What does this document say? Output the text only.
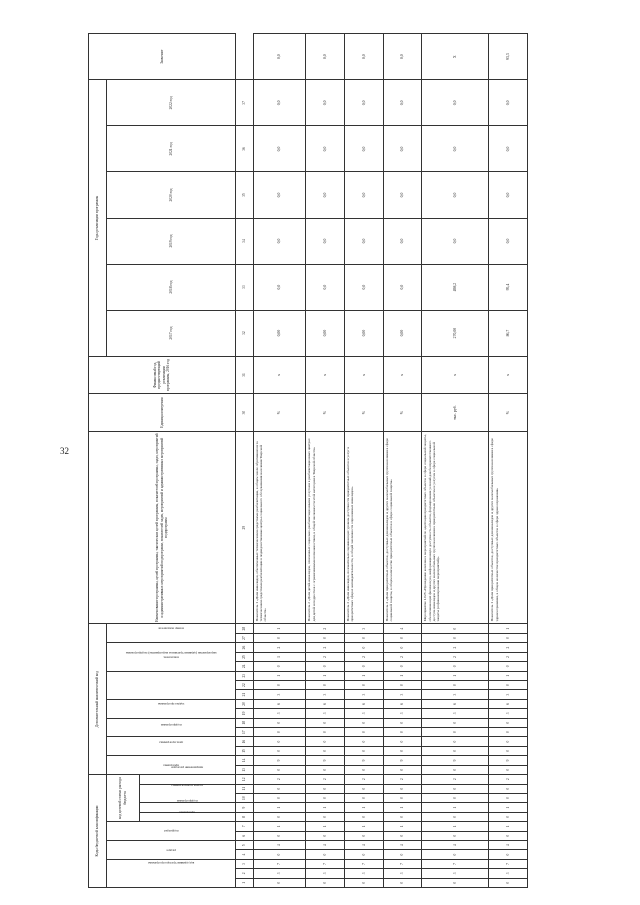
32
Коды бюджетной классификации												Дополнительный аналитический код																Наименование программы, целей программы, тактических целей программы, показателей программы, задач, мероприятий и административных мероприятий подпрограмм, показателей задач, мероприятий и административных мероприятий подпрограмм	Единица измерения	Финансовый год, предшествующий реализации программы, 2016 год	Годы реализации программы						Значение
код администратора программы			раздел		подраздел		код целевой статьи расхода бюджета					программа		цель программы		подпрограмма		задача программы		мероприятие (административное мероприятие) подпрограммы			показатель			номер показателя					2017 год	2018 год	2019 год	2020 год	2021 год	2022 год	
							программа	подпрограмма	задача подпрограммы		направление расходов																										
1	2	3	4	5	6	7	8	9	10	11	12	13	14	15	16	17	18	19	20	21	22	23	24	25	26	27	28	29	30	31	32	33	34	35	36	37	
0	3	7	0	4	0	1	0	1	0	0	2	0	9	0	0	0	0	3	6	3	0	1	0	1	2	0	1	Показатель 1 «Доля инвалидов, обеспеченных техническими средствами реабилитации, в общем числе обратившихся за техническими средствами реабилитации в подведомственные центры социального обслуживания населения Тверской области»	%	x	0,00	0,0	0,0	0,0	0,0	0,0	0,0
0	3	7	0	4	0	1	0	1	0	0	2	0	9	0	0	0	0	3	6	3	0	1	0	2	2	0	2	Показатель 2 «Доля детей-инвалидов, охваченных социально-реабилитационными услугами в реабилитационных центрах для детей и подростков с ограниченными возможностями, в общей численности этой категории в Тверской области»	%	x	0,00	0,0	0,0	0,0	0,0	0,0	0,0
0	3	7	0	4	0	1	0	1	0	0	2	0	9	0	0	0	0	3	6	3	0	1	0	2	0	0	3	Показатель 3 «Доля инвалидов, положительно оценивающих уровень доступности приоритетных объектов и услуг в приоритетных сферах жизнедеятельности, в общей численности опрошенных инвалидов»	%	x	0,00	0,0	0,0	0,0	0,0	0,0	0,0
0	3	7	0	4	0	1	0	1	0	0	2	0	9	0	0	0	0	3	6	3	0	1	0	2	0	0	4	Показатель 4 «Доля приоритетных объектов, доступных для инвалидов и других маломобильных групп населения в сфере социальной защиты, в общем количестве приоритетных объектов в сфере социальной защиты»	%	x	0,00	0,0	0,0	0,0	0,0	0,0	0,0
0	3	7	0	4	0	1	0	1	0	0	2	0	9	0	0	0	0	3	6	3	0	1	0	2	2	0	0	Мероприятие 1.028 «Проведение комплекса мероприятий по адаптации приоритетных объектов в сфере социальной защиты, обеспечивающих физическую, информационную доступность объектов, формирование условий для беспрепятственного доступа инвалидов и других маломобильных групп населения к приоритетным объектам и услугам в сфере социальной защиты (софинансирование мероприятий)»	тыс. руб.	x	270,00	498,2	0,0	0,0	0,0	0,0	X
0	3	7	0	4	0	1	0	1	0	0	2	0	9	0	0	0	0	3	6	3	0	1	0	2	2	0	1	Показатель 1 «Доля приоритетных объектов, доступных для инвалидов и других маломобильных групп населения в сфере здравоохранения, в общем количестве приоритетных объектов в сфере здравоохранения»	%	x	86,7	95,4	0,0	0,0	0,0	0,0	93,3
